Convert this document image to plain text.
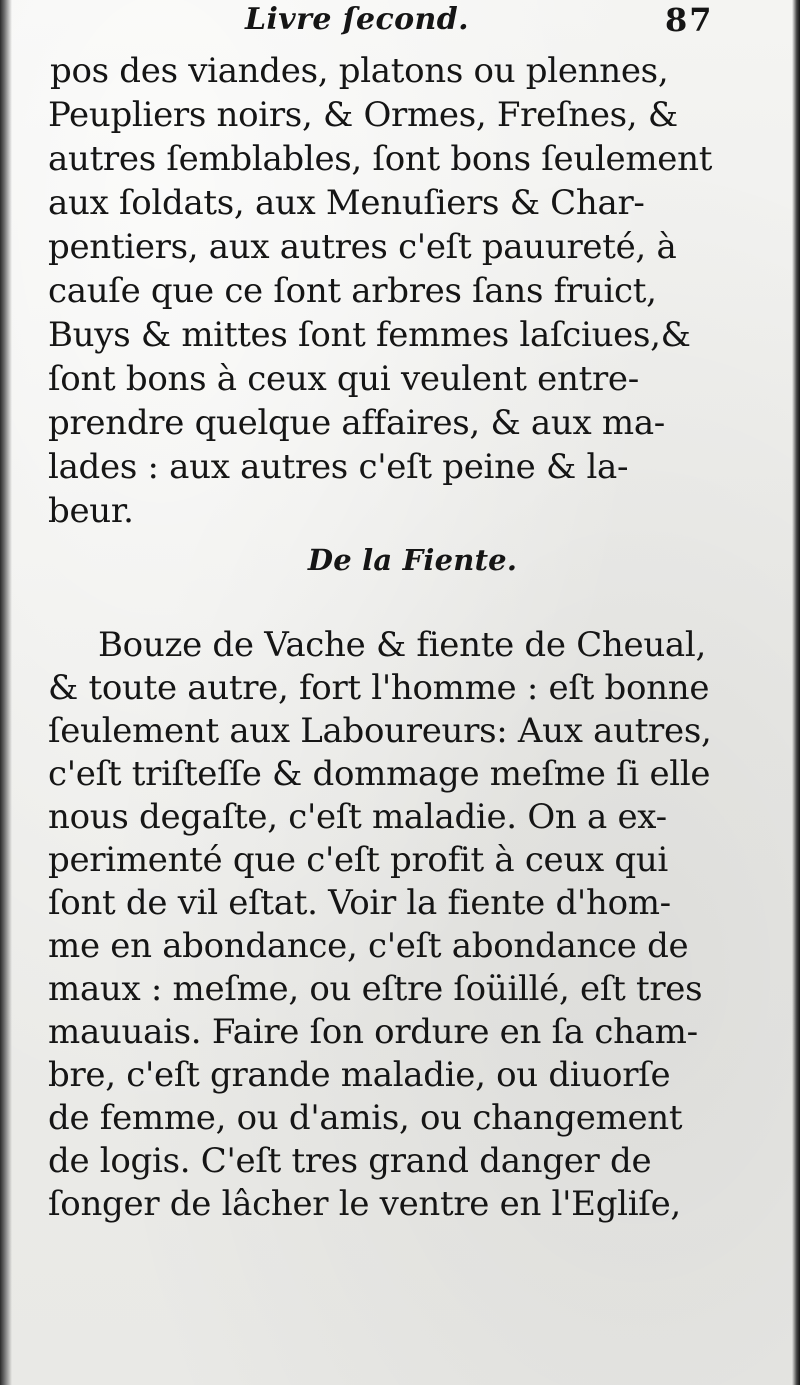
Livre ſecond.	87
pos des viandes, platons ou plennes,
Peupliers noirs, & Ormes, Freſnes, &
autres ſemblables, ſont bons ſeulement
aux ſoldats, aux Menuſiers & Char-
pentiers, aux autres c'eſt pauureté, à
cauſe que ce ſont arbres ſans fruict,
Buys & mittes ſont femmes laſciues,&
ſont bons à ceux qui veulent entre-
prendre quelque affaires, & aux ma-
lades : aux autres c'eſt peine & la-
beur.
De la Fiente.
Bouze de Vache & fiente de Cheual,
& toute autre, fort l'homme : eſt bonne
ſeulement aux Laboureurs: Aux autres,
c'eſt triſteſſe & dommage meſme ſi elle
nous degaſte, c'eſt maladie. On a ex-
perimenté que c'eſt profit à ceux qui
ſont de vil eſtat. Voir la fiente d'hom-
me en abondance, c'eſt abondance de
maux : meſme, ou eſtre ſoüillé, eſt tres
mauuais. Faire ſon ordure en ſa cham-
bre, c'eſt grande maladie, ou diuorſe
de femme, ou d'amis, ou changement
de logis. C'eſt tres grand danger de
ſonger de lâcher le ventre en l'Egliſe,
